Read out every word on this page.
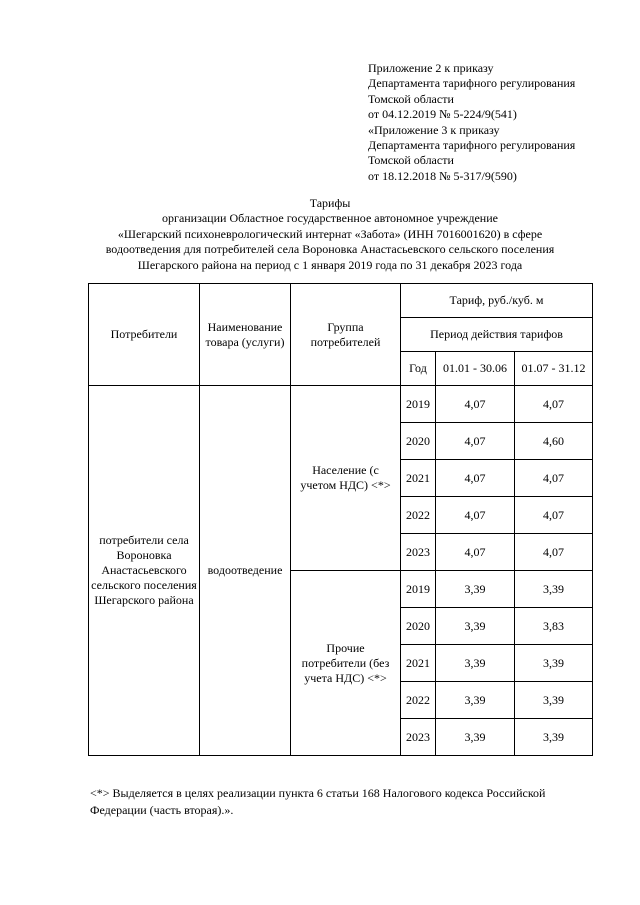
Приложение 2 к приказу
Департамента тарифного регулирования
Томской области
от 04.12.2019 № 5-224/9(541)
«Приложение 3 к приказу
Департамента тарифного регулирования
Томской области
от 18.12.2018 № 5-317/9(590)
Тарифы
организации Областное государственное автономное учреждение
«Шегарский психоневрологический интернат «Забота» (ИНН 7016001620) в сфере
водоотведения для потребителей села Вороновка Анастасьевского сельского поселения
Шегарского района на период с 1 января 2019 года по 31 декабря 2023 года
Потребители	Наименование товара (услуги)	Группа потребителей	Тариф, руб./куб. м		
			Период действия тарифов		
			Год	01.01 - 30.06	01.07 - 31.12
потребители села Вороновка Анастасьевского сельского поселения Шегарского района	водоотведение	Население (с учетом НДС) <*>	2019	4,07	4,07
			2020	4,07	4,60
			2021	4,07	4,07
			2022	4,07	4,07
			2023	4,07	4,07
		Прочие потребители (без учета НДС) <*>	2019	3,39	3,39
			2020	3,39	3,83
			2021	3,39	3,39
			2022	3,39	3,39
			2023	3,39	3,39
<*> Выделяется в целях реализации пункта 6 статьи 168 Налогового кодекса Российской
Федерации (часть вторая).».
